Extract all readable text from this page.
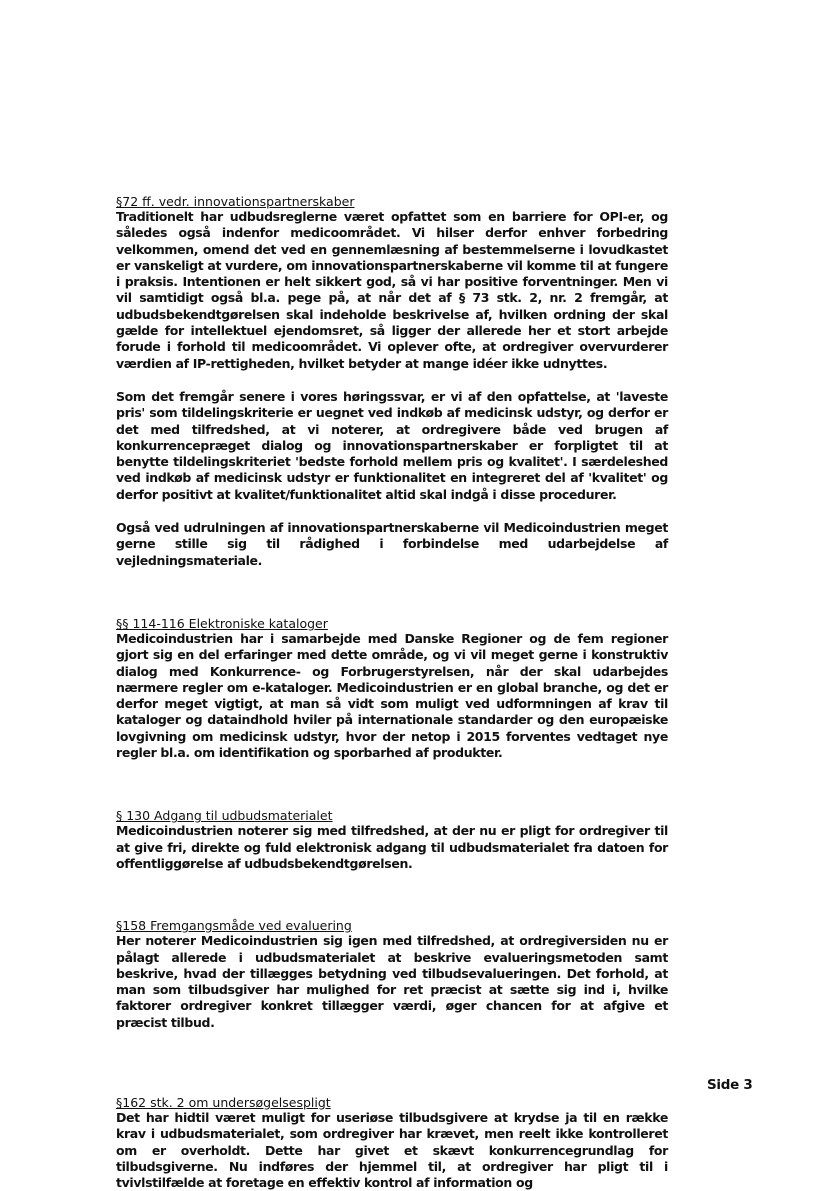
§72 ff. vedr. innovationspartnerskaber

Traditionelt har udbudsreglerne været opfattet som en barriere for OPI-er, og således også indenfor medicoområdet. Vi hilser derfor enhver forbedring velkommen, omend det ved en gennemlæsning af bestemmelserne i lovudkastet er vanskeligt at vurdere, om innovationspartnerskaberne vil komme til at fungere i praksis. Intentionen er helt sikkert god, så vi har positive forventninger. Men vi vil samtidigt også bl.a. pege på, at når det af § 73 stk. 2, nr. 2 fremgår, at udbudsbekendtgørelsen skal indeholde beskrivelse af, hvilken ordning der skal gælde for intellektuel ejendomsret, så ligger der allerede her et stort arbejde forude i forhold til medicoområdet. Vi oplever ofte, at ordregiver overvurderer værdien af IP-rettigheden, hvilket betyder at mange idéer ikke udnyttes.

Som det fremgår senere i vores høringssvar, er vi af den opfattelse, at 'laveste pris' som tildelingskriterie er uegnet ved indkøb af medicinsk udstyr, og derfor er det med tilfredshed, at vi noterer, at ordregivere både ved brugen af konkurrencepræget dialog og innovationspartnerskaber er forpligtet til at benytte tildelingskriteriet 'bedste forhold mellem pris og kvalitet'. I særdeleshed ved indkøb af medicinsk udstyr er funktionalitet en integreret del af 'kvalitet' og derfor positivt at kvalitet/funktionalitet altid skal indgå i disse procedurer.

Også ved udrulningen af innovationspartnerskaberne vil Medicoindustrien meget gerne stille sig til rådighed i forbindelse med udarbejdelse af vejledningsmateriale.

§§ 114-116 Elektroniske kataloger

Medicoindustrien har i samarbejde med Danske Regioner og de fem regioner gjort sig en del erfaringer med dette område, og vi vil meget gerne i konstruktiv dialog med Konkurrence- og Forbrugerstyrelsen, når der skal udarbejdes nærmere regler om e-kataloger. Medicoindustrien er en global branche, og det er derfor meget vigtigt, at man så vidt som muligt ved udformningen af krav til kataloger og dataindhold hviler på internationale standarder og den europæiske lovgivning om medicinsk udstyr, hvor der netop i 2015 forventes vedtaget nye regler bl.a. om identifikation og sporbarhed af produkter.

§ 130 Adgang til udbudsmaterialet

Medicoindustrien noterer sig med tilfredshed, at der nu er pligt for ordregiver til at give fri, direkte og fuld elektronisk adgang til udbudsmaterialet fra datoen for offentliggørelse af udbudsbekendtgørelsen.

§158 Fremgangsmåde ved evaluering

Her noterer Medicoindustrien sig igen med tilfredshed, at ordregiversiden nu er pålagt allerede i udbudsmaterialet at beskrive evalueringsmetoden samt beskrive, hvad der tillægges betydning ved tilbudsevalueringen. Det forhold, at man som tilbudsgiver har mulighed for ret præcist at sætte sig ind i, hvilke faktorer ordregiver konkret tillægger værdi, øger chancen for at afgive et præcist tilbud.

§162 stk. 2 om undersøgelsespligt

Det har hidtil været muligt for useriøse tilbudsgivere at krydse ja til en række krav i udbudsmaterialet, som ordregiver har krævet, men reelt ikke kontrolleret om er overholdt. Dette har givet et skævt konkurrencegrundlag for tilbudsgiverne. Nu indføres der hjemmel til, at ordregiver har pligt til i tvivlstilfælde at foretage en effektiv kontrol af information og

Side 3
